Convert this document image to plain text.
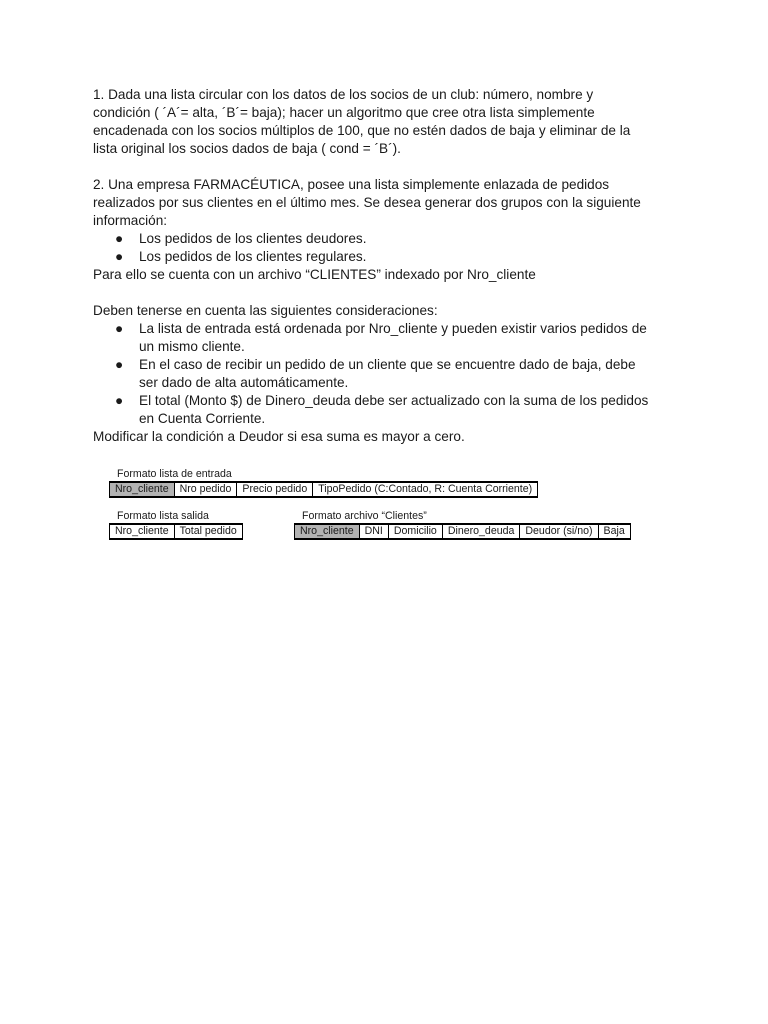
1. Dada una lista circular con los datos de los socios de un club: número, nombre y

condición ( ´A´= alta, ´B´= baja); hacer un algoritmo que cree otra lista simplemente

encadenada con los socios múltiplos de 100, que no estén dados de baja y eliminar de la

lista original los socios dados de baja ( cond = ´B´).

2. Una empresa FARMACÉUTICA, posee una lista simplemente enlazada de pedidos

realizados por sus clientes en el último mes. Se desea generar dos grupos con la siguiente

información:

● Los pedidos de los clientes deudores.
● Los pedidos de los clientes regulares.

Para ello se cuenta con un archivo “CLIENTES” indexado por Nro_cliente

Deben tenerse en cuenta las siguientes consideraciones:

● La lista de entrada está ordenada por Nro_cliente y pueden existir varios pedidos de
un mismo cliente.
● En el caso de recibir un pedido de un cliente que se encuentre dado de baja, debe
ser dado de alta automáticamente.
● El total (Monto $) de Dinero_deuda debe ser actualizado con la suma de los pedidos
en Cuenta Corriente.

Modificar la condición a Deudor si esa suma es mayor a cero.

Formato lista de entrada
Nro_cliente	Nro pedido	Precio pedido	TipoPedido (C:Contado, R: Cuenta Corriente)
Formato lista salida
Nro_cliente	Total pedido
Formato archivo “Clientes”
Nro_cliente	DNI	Domicilio	Dinero_deuda	Deudor (si/no)	Baja
